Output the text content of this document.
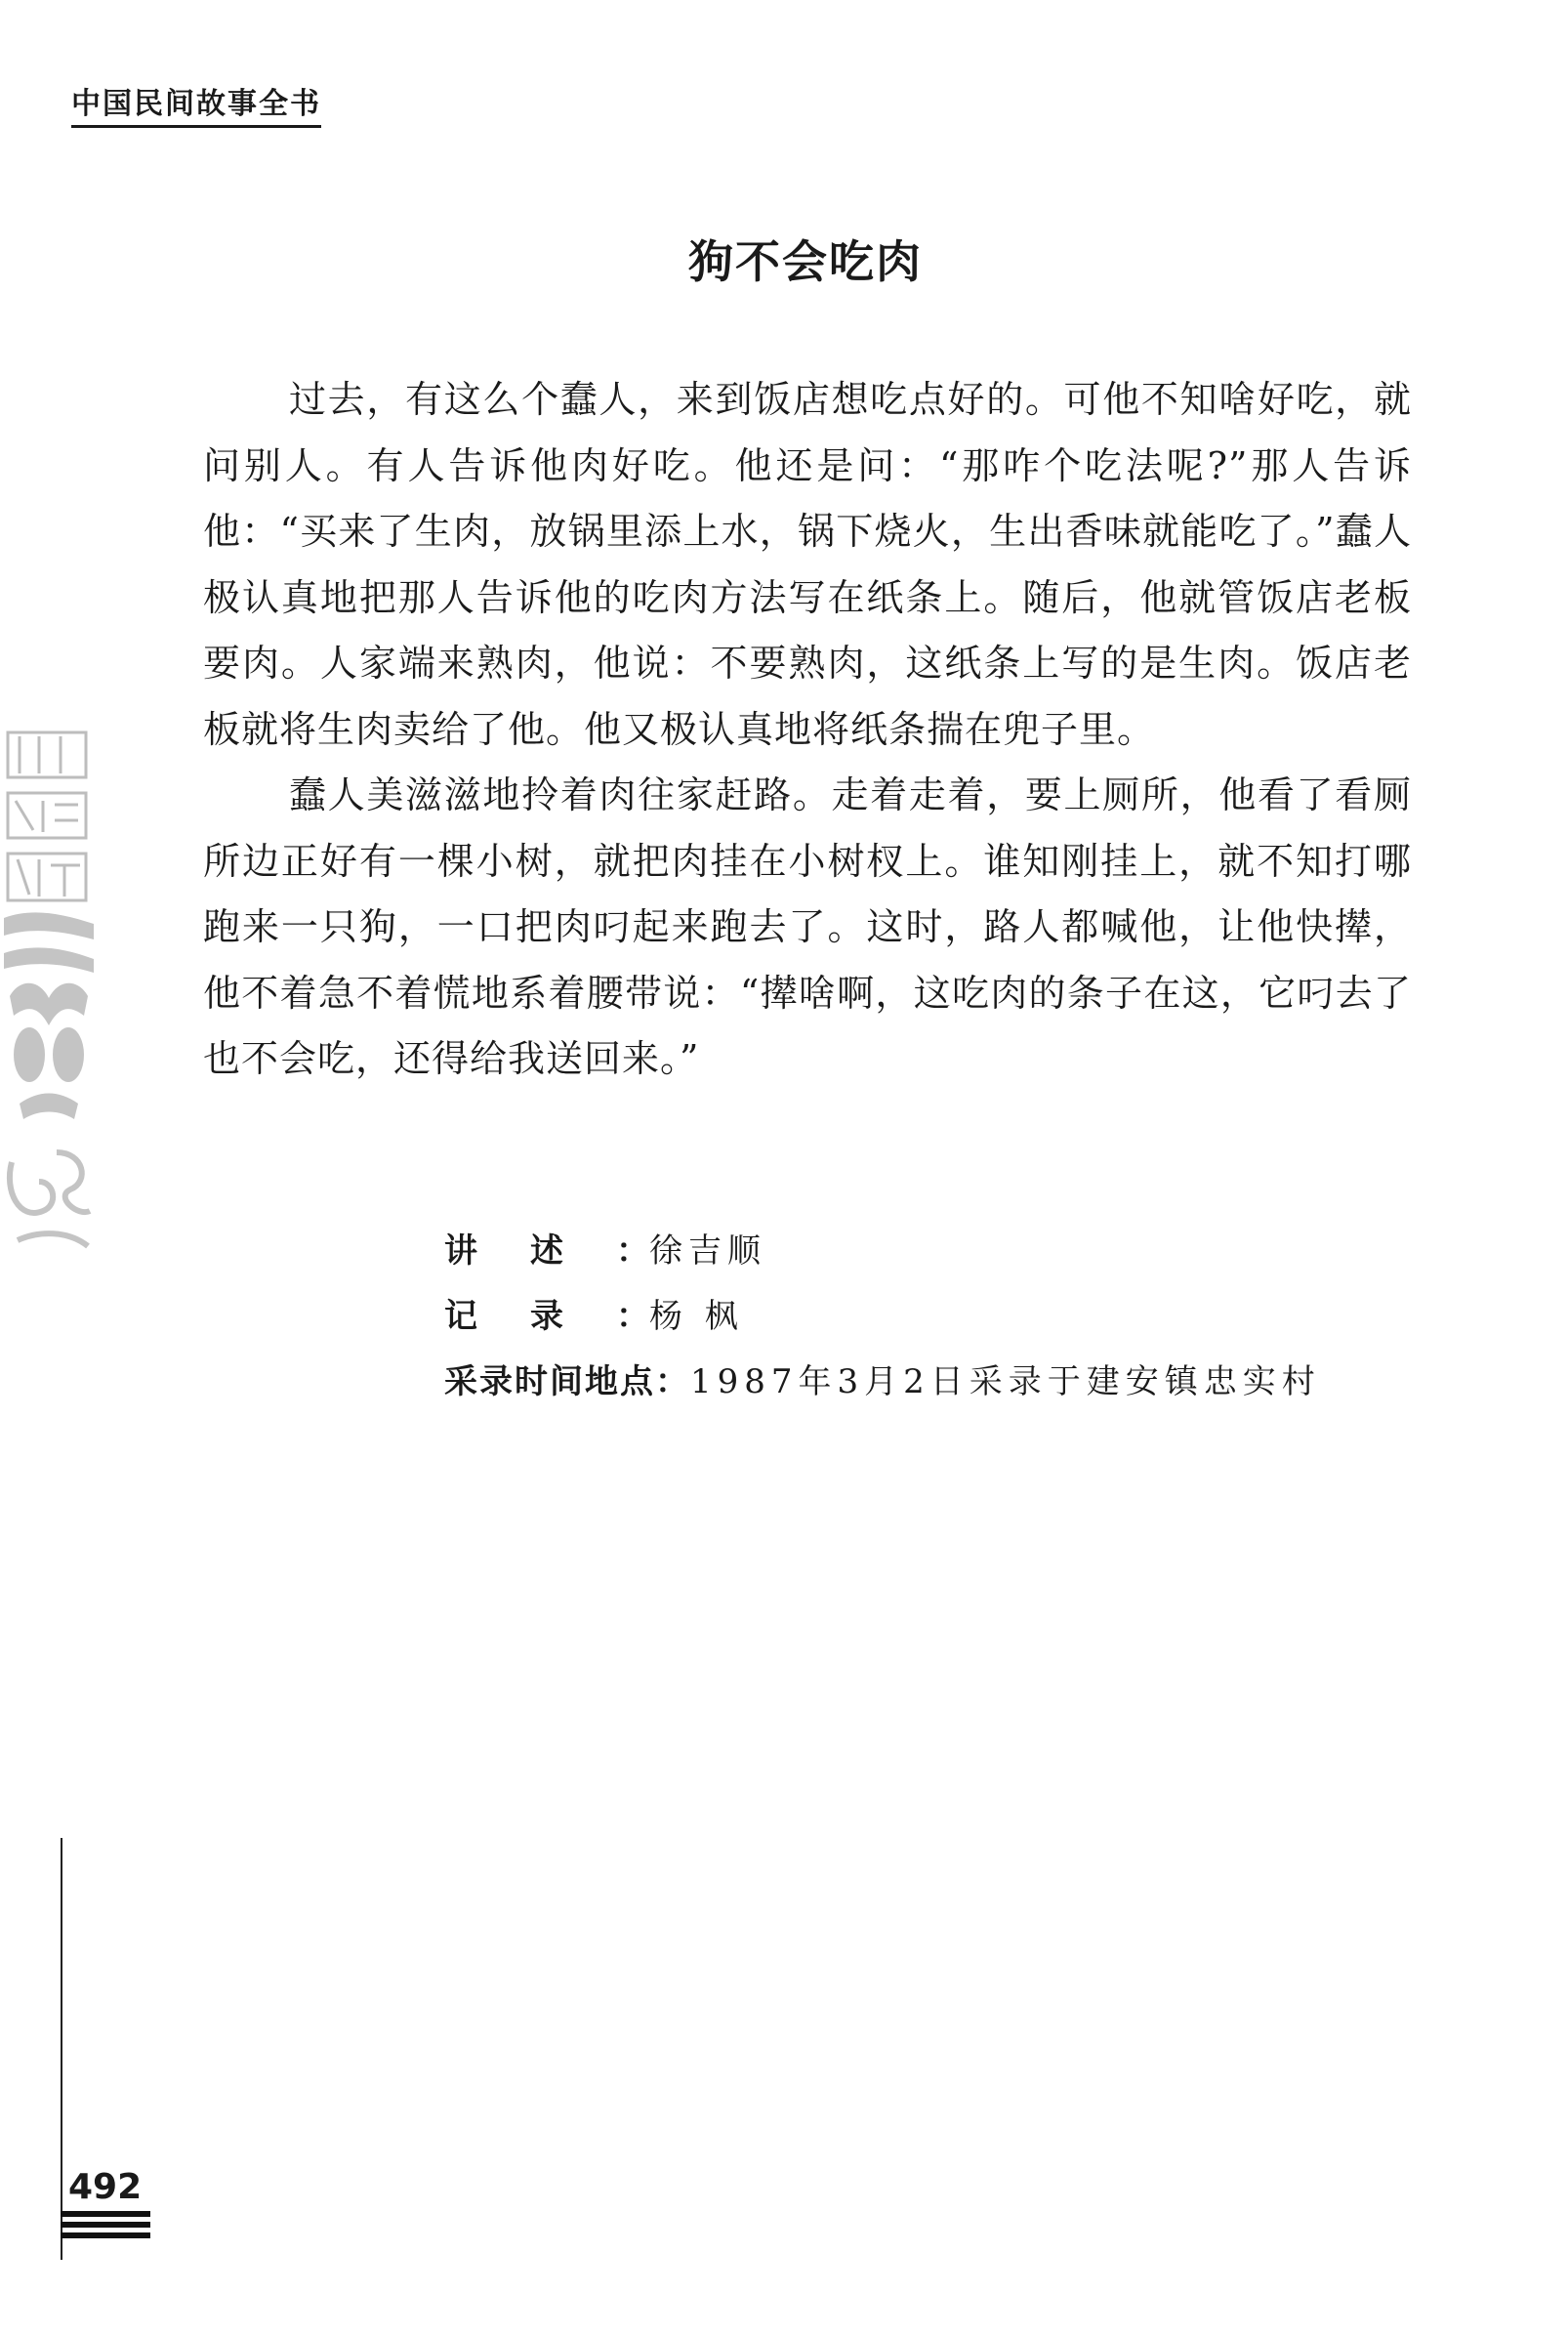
中国民间故事全书
狗不会吃肉

过去，有这么个蠢人，来到饭店想吃点好的。可他不知啥好吃，就问别人。有人告诉他肉好吃。他还是问：“那咋个吃法呢?”那人告诉他：“买来了生肉，放锅里添上水，锅下烧火，生出香味就能吃了。”蠢人极认真地把那人告诉他的吃肉方法写在纸条上。随后，他就管饭店老板要肉。人家端来熟肉，他说：不要熟肉，这纸条上写的是生肉。饭店老板就将生肉卖给了他。他又极认真地将纸条揣在兜子里。

蠢人美滋滋地拎着肉往家赶路。走着走着，要上厕所，他看了看厕所边正好有一棵小树，就把肉挂在小树杈上。谁知刚挂上，就不知打哪跑来一只狗，一口把肉叼起来跑去了。这时，路人都喊他，让他快撵，他不着急不着慌地系着腰带说：“撵啥啊，这吃肉的条子在这，它叼去了也不会吃，还得给我送回来。”

讲述：徐吉顺
记录：杨 枫
采录时间地点：1987年3月2日采录于建安镇忠实村
492
